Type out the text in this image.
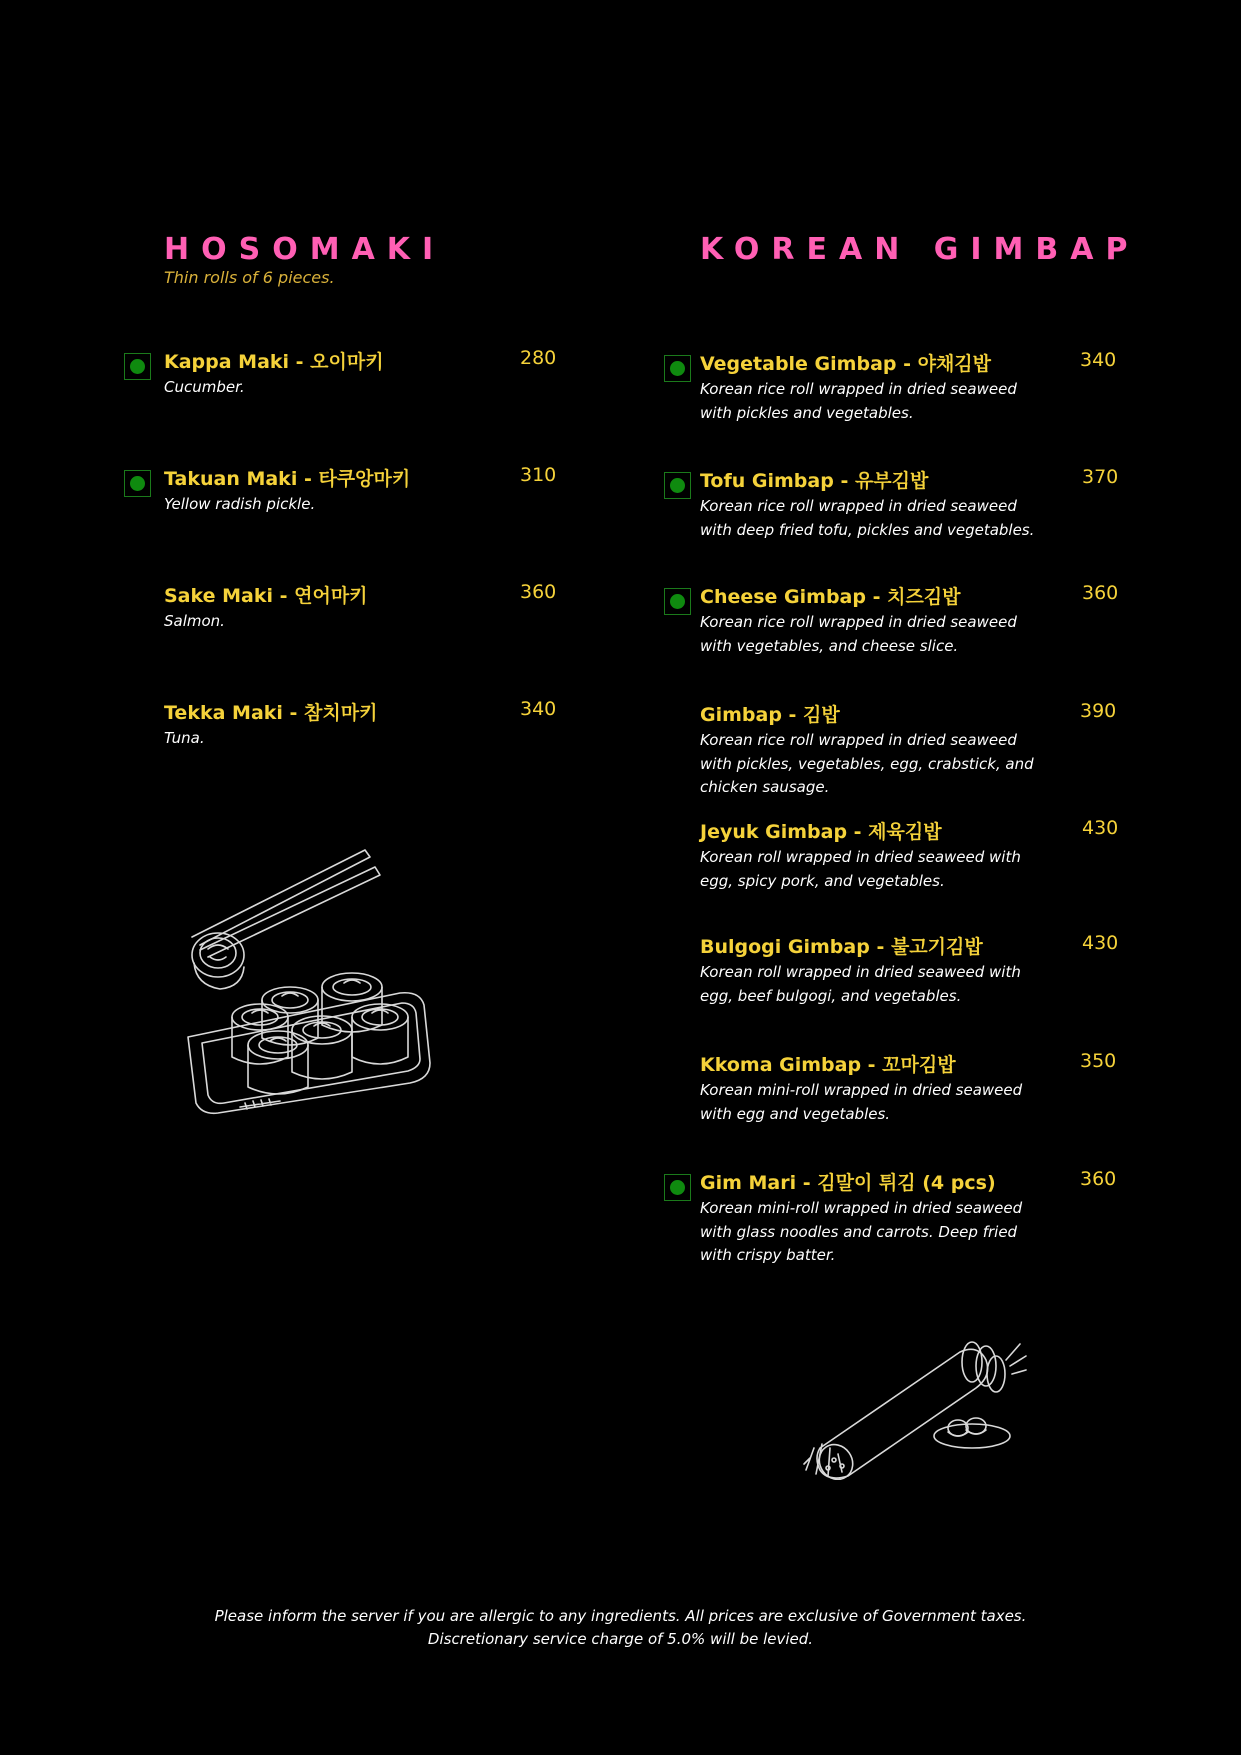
HOSOMAKI

Thin rolls of 6 pieces.

KOREAN GIMBAP
Kappa Maki - 오이마키	280

Cucumber.

Takuan Maki - 타쿠앙마키	310

Yellow radish pickle.

Sake Maki - 연어마키	360

Salmon.

Tekka Maki - 참치마키	340

Tuna.

Vegetable Gimbap - 야채김밥	340

Korean rice roll wrapped in dried seaweed
with pickles and vegetables.

Tofu Gimbap - 유부김밥	370

Korean rice roll wrapped in dried seaweed
with deep fried tofu, pickles and vegetables.

Cheese Gimbap - 치즈김밥	360

Korean rice roll wrapped in dried seaweed
with vegetables, and cheese slice.

Gimbap - 김밥	390

Korean rice roll wrapped in dried seaweed
with pickles, vegetables, egg, crabstick, and
chicken sausage.

Jeyuk Gimbap - 제육김밥	430

Korean roll wrapped in dried seaweed with
egg, spicy pork, and vegetables.

Bulgogi Gimbap - 불고기김밥	430

Korean roll wrapped in dried seaweed with
egg, beef bulgogi, and vegetables.

Kkoma Gimbap - 꼬마김밥	350

Korean mini-roll wrapped in dried seaweed
with egg and vegetables.

Gim Mari - 김말이 튀김 (4 pcs)	360

Korean mini-roll wrapped in dried seaweed
with glass noodles and carrots. Deep fried
with crispy batter.

Please inform the server if you are allergic to any ingredients. All prices are exclusive of Government taxes.
Discretionary service charge of 5.0% will be levied.
